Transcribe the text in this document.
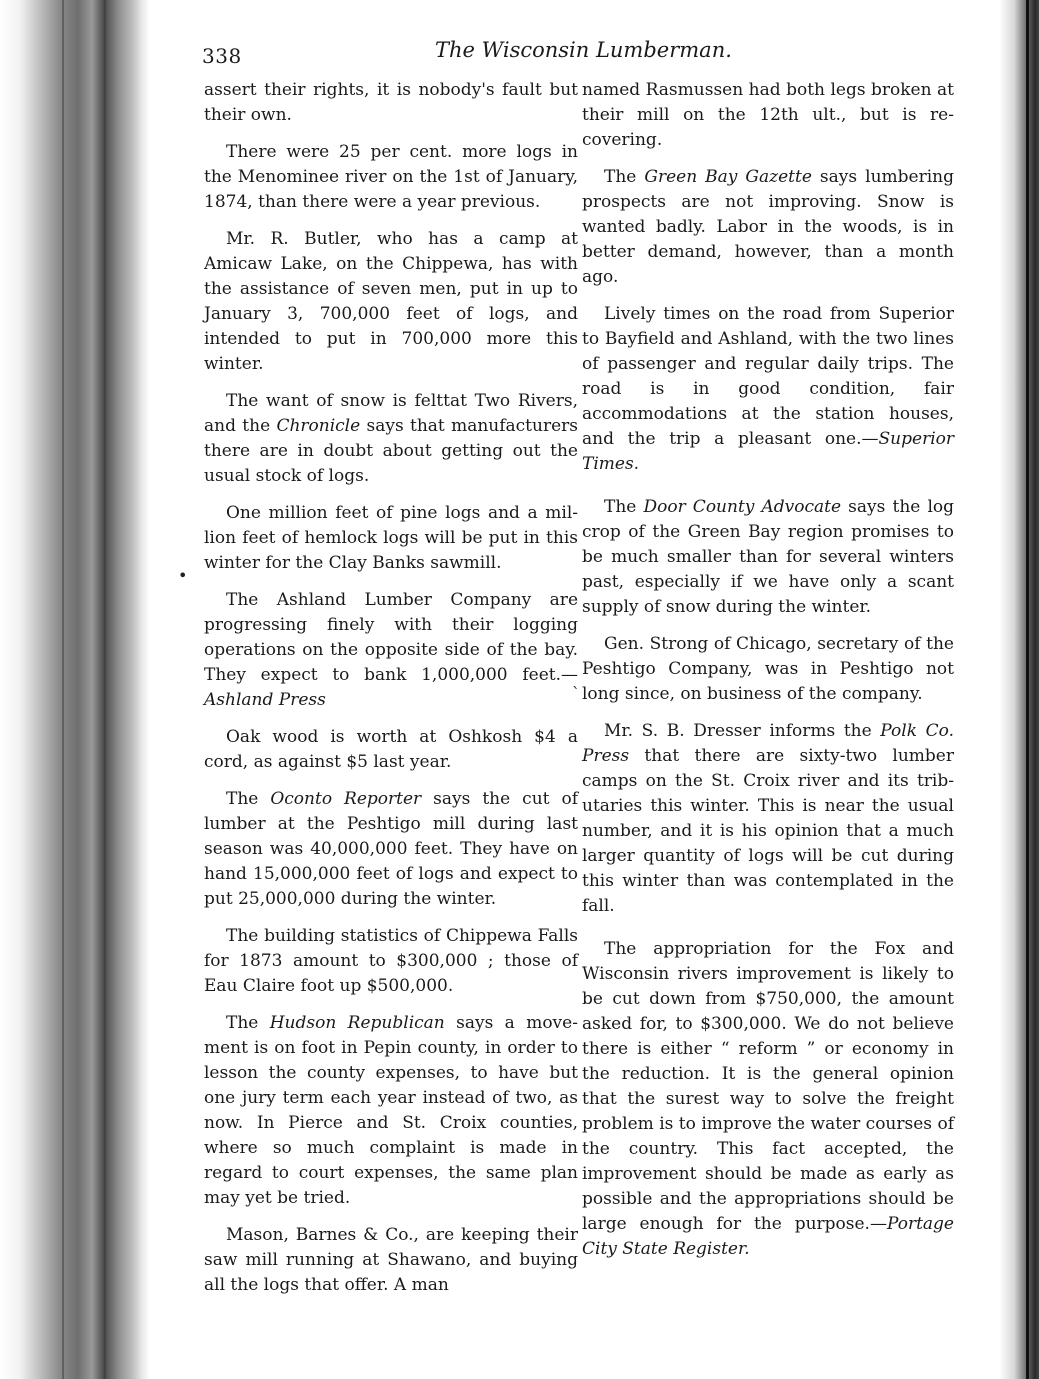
338	The Wisconsin Lumberman.

assert their rights, it is nobody's fault but their own.

There were 25 per cent. more logs in the Menominee river on the 1st of January, 1874, than there were a year previous.

Mr. R. Butler, who has a camp at Amicaw Lake, on the Chippewa, has with the assistance of seven men, put in up to January 3, 700,000 feet of logs, and intended to put in 700,000 more this winter.

The want of snow is felttat Two Rivers, and the Chronicle says that manufacturers there are in doubt about getting out the usual stock of logs.

One million feet of pine logs and a million feet of hemlock logs will be put in this winter for the Clay Banks sawmill.

The Ashland Lumber Company are progressing finely with their logging operations on the opposite side of the bay. They expect to bank 1,000,000 feet.—Ashland Press

Oak wood is worth at Oshkosh $4 a cord, as against $5 last year.

The Oconto Reporter says the cut of lumber at the Peshtigo mill during last season was 40,000,000 feet. They have on hand 15,000,000 feet of logs and expect to put 25,000,000 during the winter.

The building statistics of Chippewa Falls for 1873 amount to $300,000 ; those of Eau Claire foot up $500,000.

The Hudson Republican says a movement is on foot in Pepin county, in order to lesson the county expenses, to have but one jury term each year instead of two, as now. In Pierce and St. Croix counties, where so much complaint is made in regard to court expenses, the same plan may yet be tried.

Mason, Barnes & Co., are keeping their saw mill running at Shawano, and buying all the logs that offer. A man

named Rasmussen had both legs broken at their mill on the 12th ult., but is recovering.

The Green Bay Gazette says lumbering prospects are not improving. Snow is wanted badly. Labor in the woods, is in better demand, however, than a month ago.

Lively times on the road from Superior to Bayfield and Ashland, with the two lines of passenger and regular daily trips. The road is in good condition, fair accommodations at the station houses, and the trip a pleasant one.—Superior Times.

The Door County Advocate says the log crop of the Green Bay region promises to be much smaller than for several winters past, especially if we have only a scant supply of snow during the winter.

Gen. Strong of Chicago, secretary of the Peshtigo Company, was in Peshtigo not long since, on business of the company.

Mr. S. B. Dresser informs the Polk Co. Press that there are sixty-two lumber camps on the St. Croix river and its tributaries this winter. This is near the usual number, and it is his opinion that a much larger quantity of logs will be cut during this winter than was contemplated in the fall.

The appropriation for the Fox and Wisconsin rivers improvement is likely to be cut down from $750,000, the amount asked for, to $300,000. We do not believe there is either “ reform ” or economy in the reduction. It is the general opinion that the surest way to solve the freight problem is to improve the water courses of the country. This fact accepted, the improvement should be made as early as possible and the appropriations should be large enough for the purpose.—Portage City State Register.

•
`
